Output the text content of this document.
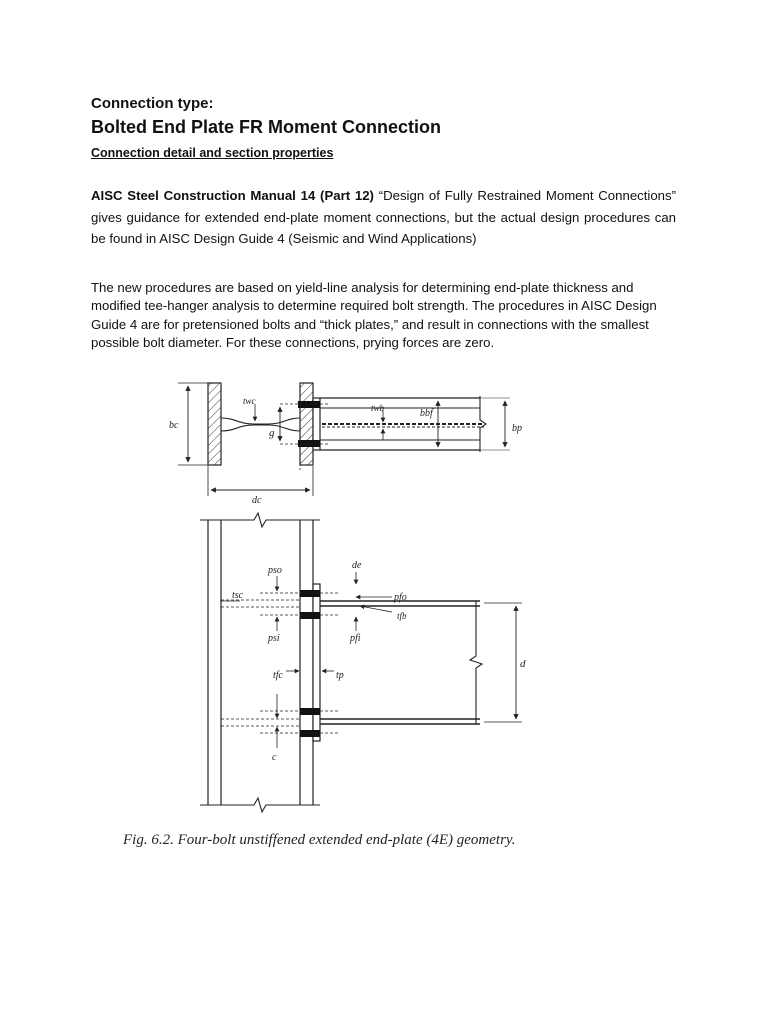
Connection type:
Bolted End Plate FR Moment Connection
Connection detail and section properties
AISC Steel Construction Manual 14 (Part 12) “Design of Fully Restrained Moment Connections” gives guidance for extended end-plate moment connections, but the actual design procedures can be found in AISC Design Guide 4 (Seismic and Wind Applications)
The new procedures are based on yield-line analysis for determining end-plate thickness and modified tee-hanger analysis to determine required bolt strength. The procedures in AISC Design Guide 4 are for pretensioned bolts and “thick plates,” and result in connections with the smallest possible bolt diameter. For these connections, prying forces are zero.
twc
twb	bbf
bp
bc
g
dc
pso	de
tsc	pfo
tfb
psi	pfi
tfc	tp
d
c
Fig. 6.2. Four-bolt unstiffened extended end-plate (4E) geometry.
